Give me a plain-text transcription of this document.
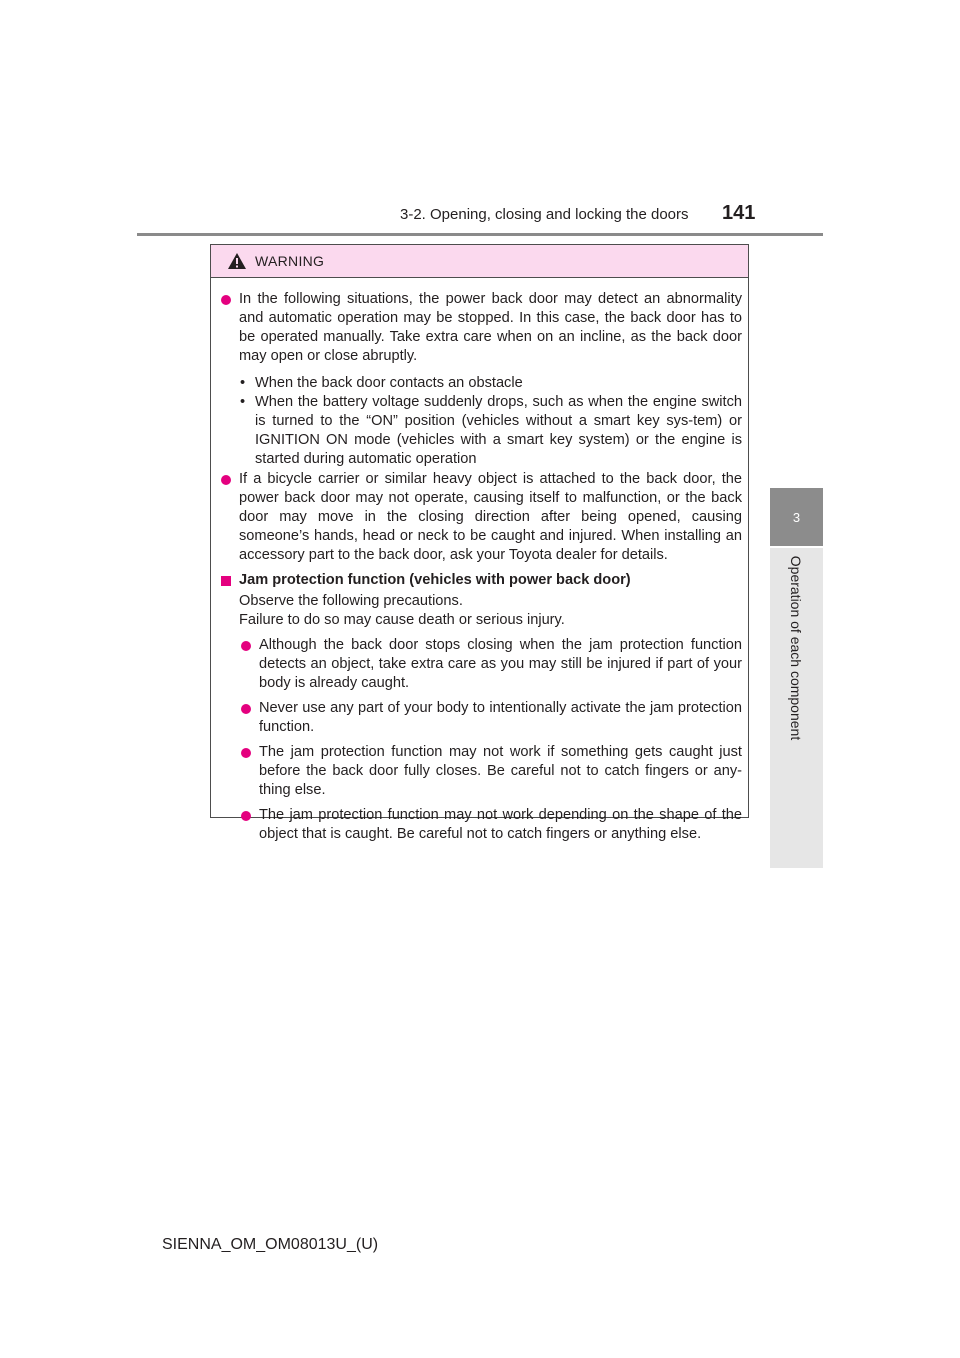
3-2. Opening, closing and locking the doors 141
3
Operation of each component
WARNING
In the following situations, the power back door may detect an abnormality and automatic operation may be stopped. In this case, the back door has to be operated manually. Take extra care when on an incline, as the back door may open or close abruptly.
• When the back door contacts an obstacle
• When the battery voltage suddenly drops, such as when the engine switch is turned to the “ON” position (vehicles without a smart key sys-tem) or IGNITION ON mode (vehicles with a smart key system) or the engine is started during automatic operation
If a bicycle carrier or similar heavy object is attached to the back door, the power back door may not operate, causing itself to malfunction, or the back door may move in the closing direction after being opened, causing someone’s hands, head or neck to be caught and injured. When installing an accessory part to the back door, ask your Toyota dealer for details.
Jam protection function (vehicles with power back door)
Observe the following precautions.
Failure to do so may cause death or serious injury.
Although the back door stops closing when the jam protection function detects an object, take extra care as you may still be injured if part of your body is already caught.
Never use any part of your body to intentionally activate the jam protection function.
The jam protection function may not work if something gets caught just before the back door fully closes. Be careful not to catch fingers or any-thing else.
The jam protection function may not work depending on the shape of the object that is caught. Be careful not to catch fingers or anything else.
SIENNA_OM_OM08013U_(U)
